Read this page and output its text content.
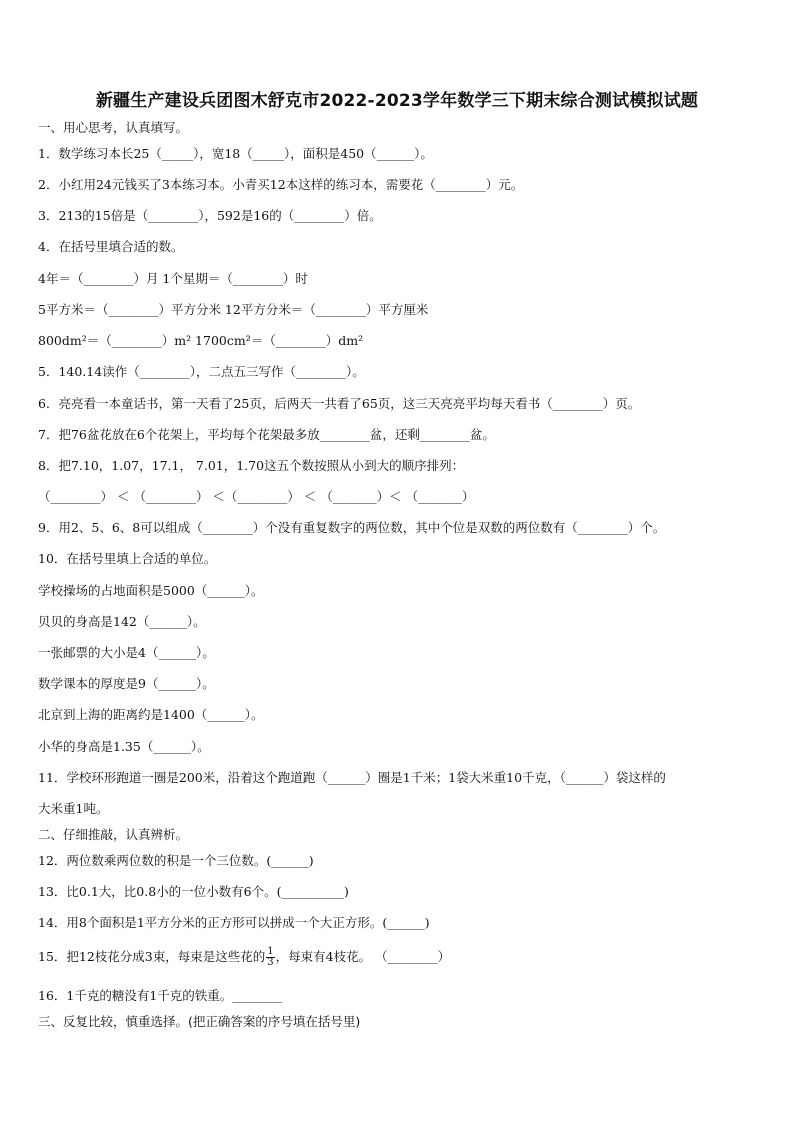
新疆生产建设兵团图木舒克市2022-2023学年数学三下期末综合测试模拟试题
一、用心思考，认真填写。
1．数学练习本长25（_____），宽18（_____），面积是450（______）。
2．小红用24元钱买了3本练习本。小青买12本这样的练习本，需要花（________）元。
3．213的15倍是（________），592是16的（________）倍。
4．在括号里填合适的数。
4年＝（________）月 1个星期＝（________）时
5平方米＝（________）平方分米 12平方分米＝（________）平方厘米
800dm²＝（________）m² 1700cm²＝（________）dm²
5．140.14读作（________），二点五三写作（________）。
6．亮亮看一本童话书，第一天看了25页，后两天一共看了65页，这三天亮亮平均每天看书（________）页。
7．把76盆花放在6个花架上，平均每个花架最多放________盆，还剩________盆。
8．把7.10，1.07，17.1， 7.01，1.70这五个数按照从小到大的顺序排列：
（________） ＜ （________） ＜（________） ＜ （_______）＜ （_______）
9．用2、5、6、8可以组成（________）个没有重复数字的两位数，其中个位是双数的两位数有（________）个。
10．在括号里填上合适的单位。
学校操场的占地面积是5000（______）。
贝贝的身高是142（______）。
一张邮票的大小是4（______）。
数学课本的厚度是9（______）。
北京到上海的距离约是1400（______）。
小华的身高是1.35（______）。
11．学校环形跑道一圈是200米，沿着这个跑道跑（______）圈是1千米；1袋大米重10千克，（______）袋这样的
大米重1吨。
二、仔细推敲，认真辨析。
12．两位数乘两位数的积是一个三位数。(______)
13．比0.1大，比0.8小的一位小数有6个。(__________)
14．用8个面积是1平方分米的正方形可以拼成一个大正方形。(______)
15．把12枝花分成3束，每束是这些花的 $\frac{1}{3}$ ，每束有4枝花。 （________）
16．1千克的糖没有1千克的铁重。________
三、反复比较，慎重选择。(把正确答案的序号填在括号里)
